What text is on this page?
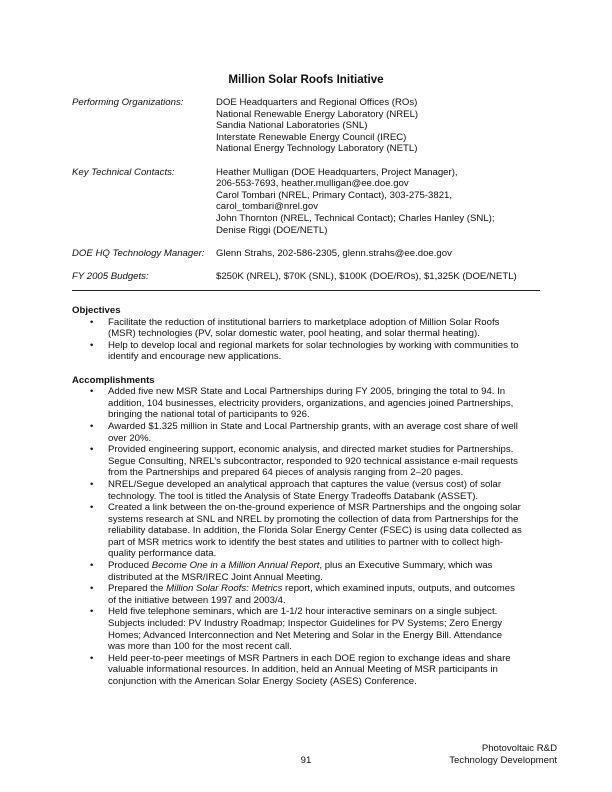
Million Solar Roofs Initiative
Performing Organizations:	DOE Headquarters and Regional Offices (ROs)
National Renewable Energy Laboratory (NREL)
Sandia National Laboratories (SNL)
Interstate Renewable Energy Council (IREC)
National Energy Technology Laboratory (NETL)
Key Technical Contacts:	Heather Mulligan (DOE Headquarters, Project Manager),
206-553-7693, heather.mulligan@ee.doe.gov
Carol Tombari (NREL, Primary Contact), 303-275-3821,
carol_tombari@nrel.gov
John Thornton (NREL, Technical Contact); Charles Hanley (SNL);
Denise Riggi (DOE/NETL)
DOE HQ Technology Manager:	Glenn Strahs, 202-586-2305, glenn.strahs@ee.doe.gov
FY 2005 Budgets:	$250K (NREL), $70K (SNL), $100K (DOE/ROs), $1,325K (DOE/NETL)
Objectives
• Facilitate the reduction of institutional barriers to marketplace adoption of Million Solar Roofs
(MSR) technologies (PV, solar domestic water, pool heating, and solar thermal heating).
• Help to develop local and regional markets for solar technologies by working with communities to
identify and encourage new applications.
Accomplishments
• Added five new MSR State and Local Partnerships during FY 2005, bringing the total to 94. In
addition, 104 businesses, electricity providers, organizations, and agencies joined Partnerships,
bringing the national total of participants to 926.
• Awarded $1.325 million in State and Local Partnership grants, with an average cost share of well
over 20%.
• Provided engineering support, economic analysis, and directed market studies for Partnerships.
Segue Consulting, NREL’s subcontractor, responded to 920 technical assistance e-mail requests
from the Partnerships and prepared 64 pieces of analysis ranging from 2–20 pages.
• NREL/Segue developed an analytical approach that captures the value (versus cost) of solar
technology. The tool is titled the Analysis of State Energy Tradeoffs Databank (ASSET).
• Created a link between the on-the-ground experience of MSR Partnerships and the ongoing solar
systems research at SNL and NREL by promoting the collection of data from Partnerships for the
reliability database. In addition, the Florida Solar Energy Center (FSEC) is using data collected as
part of MSR metrics work to identify the best states and utilities to partner with to collect high-
quality performance data.
• Produced Become One in a Million Annual Report, plus an Executive Summary, which was
distributed at the MSR/IREC Joint Annual Meeting.
• Prepared the Million Solar Roofs: Metrics report, which examined inputs, outputs, and outcomes
of the initiative between 1997 and 2003/4.
• Held five telephone seminars, which are 1-1/2 hour interactive seminars on a single subject.
Subjects included: PV Industry Roadmap; Inspector Guidelines for PV Systems; Zero Energy
Homes; Advanced Interconnection and Net Metering and Solar in the Energy Bill. Attendance
was more than 100 for the most recent call.
• Held peer-to-peer meetings of MSR Partners in each DOE region to exchange ideas and share
valuable informational resources. In addition, held an Annual Meeting of MSR participants in
conjunction with the American Solar Energy Society (ASES) Conference.
91
Photovoltaic R&D
Technology Development
